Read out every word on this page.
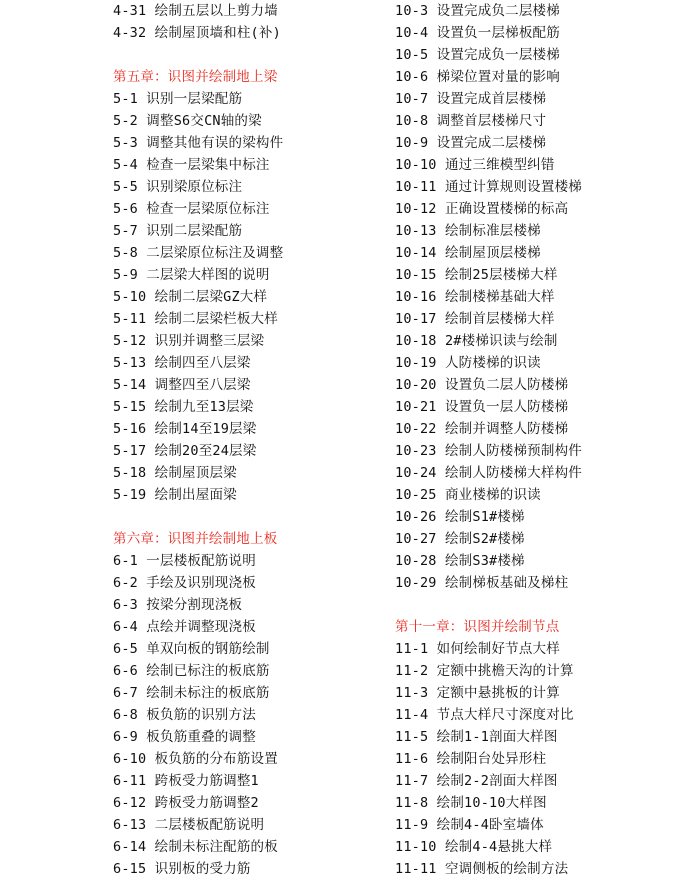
4-31 绘制五层以上剪力墙
4-32 绘制屋顶墙和柱(补)
第五章：识图并绘制地上梁
5-1 识别一层梁配筋
5-2 调整S6交CN轴的梁
5-3 调整其他有误的梁构件
5-4 检查一层梁集中标注
5-5 识别梁原位标注
5-6 检查一层梁原位标注
5-7 识别二层梁配筋
5-8 二层梁原位标注及调整
5-9 二层梁大样图的说明
5-10 绘制二层梁GZ大样
5-11 绘制二层梁栏板大样
5-12 识别并调整三层梁
5-13 绘制四至八层梁
5-14 调整四至八层梁
5-15 绘制九至13层梁
5-16 绘制14至19层梁
5-17 绘制20至24层梁
5-18 绘制屋顶层梁
5-19 绘制出屋面梁
第六章：识图并绘制地上板
6-1 一层楼板配筋说明
6-2 手绘及识别现浇板
6-3 按梁分割现浇板
6-4 点绘并调整现浇板
6-5 单双向板的钢筋绘制
6-6 绘制已标注的板底筋
6-7 绘制未标注的板底筋
6-8 板负筋的识别方法
6-9 板负筋重叠的调整
6-10 板负筋的分布筋设置
6-11 跨板受力筋调整1
6-12 跨板受力筋调整2
6-13 二层楼板配筋说明
6-14 绘制未标注配筋的板
6-15 识别板的受力筋
10-3 设置完成负二层楼梯
10-4 设置负一层梯板配筋
10-5 设置完成负一层楼梯
10-6 梯梁位置对量的影响
10-7 设置完成首层楼梯
10-8 调整首层楼梯尺寸
10-9 设置完成二层楼梯
10-10 通过三维模型纠错
10-11 通过计算规则设置楼梯
10-12 正确设置楼梯的标高
10-13 绘制标准层楼梯
10-14 绘制屋顶层楼梯
10-15 绘制25层楼梯大样
10-16 绘制楼梯基础大样
10-17 绘制首层楼梯大样
10-18 2#楼梯识读与绘制
10-19 人防楼梯的识读
10-20 设置负二层人防楼梯
10-21 设置负一层人防楼梯
10-22 绘制并调整人防楼梯
10-23 绘制人防楼梯预制构件
10-24 绘制人防楼梯大样构件
10-25 商业楼梯的识读
10-26 绘制S1#楼梯
10-27 绘制S2#楼梯
10-28 绘制S3#楼梯
10-29 绘制梯板基础及梯柱
第十一章：识图并绘制节点
11-1 如何绘制好节点大样
11-2 定额中挑檐天沟的计算
11-3 定额中悬挑板的计算
11-4 节点大样尺寸深度对比
11-5 绘制1-1剖面大样图
11-6 绘制阳台处异形柱
11-7 绘制2-2剖面大样图
11-8 绘制10-10大样图
11-9 绘制4-4卧室墙体
11-10 绘制4-4悬挑大样
11-11 空调侧板的绘制方法
